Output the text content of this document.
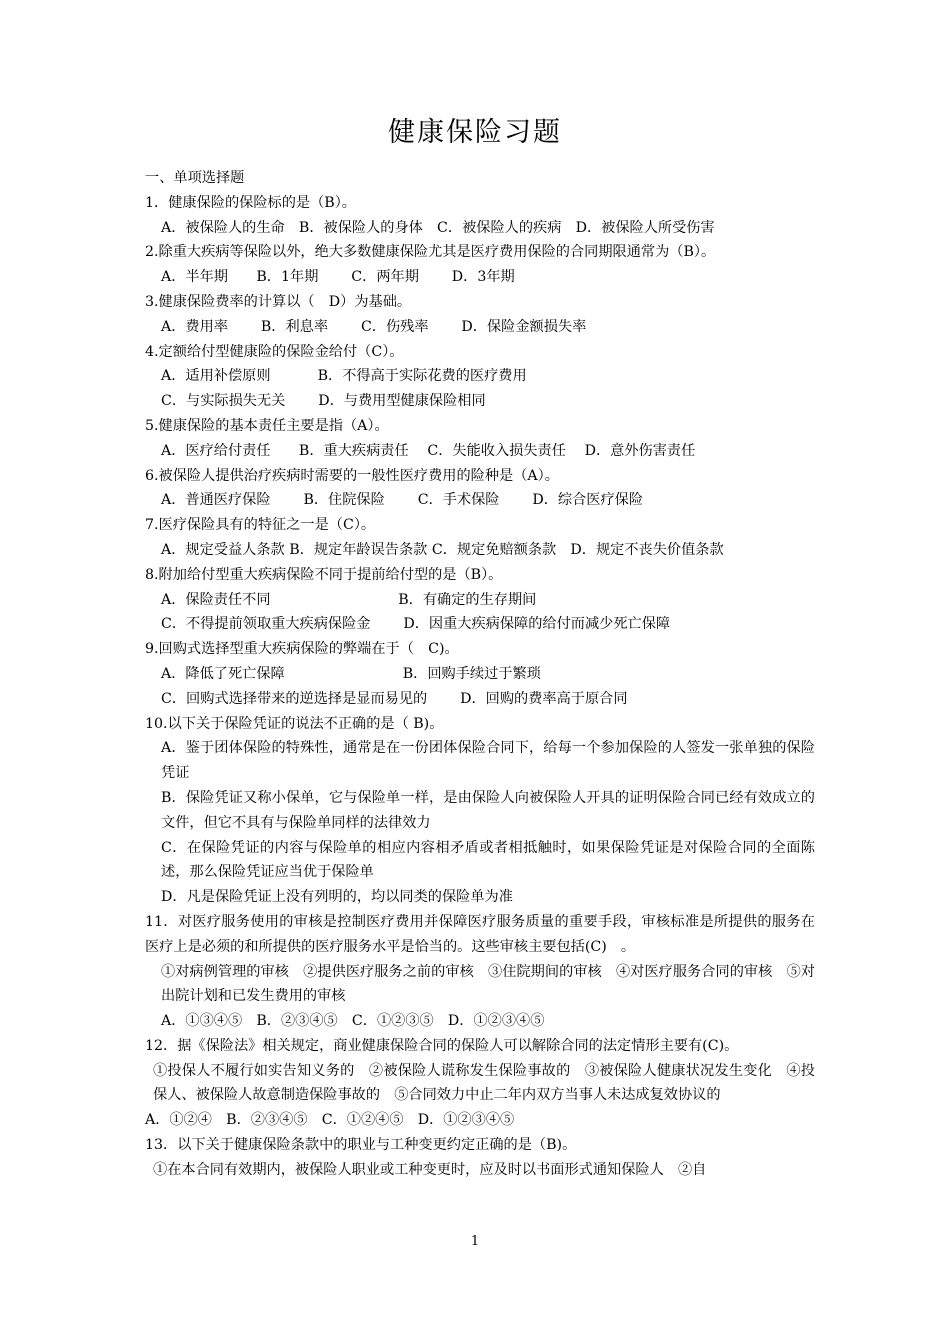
健康保险习题
一、单项选择题
1．健康保险的保险标的是（B）。
A．被保险人的生命　B．被保险人的身体　C．被保险人的疾病　D．被保险人所受伤害
2.除重大疾病等保险以外，绝大多数健康保险尤其是医疗费用保险的合同期限通常为（B）。
A．半年期　　B．1年期　　 C．两年期　　 D．3年期
3.健康保险费率的计算以（　D）为基础。
A．费用率　　 B．利息率　　 C．伤残率　　 D．保险金额损失率
4.定额给付型健康险的保险金给付（C）。
A．适用补偿原则　　　 B．不得高于实际花费的医疗费用
C．与实际损失无关　　 D．与费用型健康保险相同
5.健康保险的基本责任主要是指（A）。
A．医疗给付责任　　B．重大疾病责任　 C．失能收入损失责任　 D．意外伤害责任
6.被保险人提供治疗疾病时需要的一般性医疗费用的险种是（A）。
A．普通医疗保险　　 B．住院保险　　 C．手术保险　　 D．综合医疗保险
7.医疗保险具有的特征之一是（C）。
A．规定受益人条款 B．规定年龄误告条款 C．规定免赔额条款　D．规定不丧失价值条款
8.附加给付型重大疾病保险不同于提前给付型的是（B）。
A．保险责任不同　　　　　　　　　B．有确定的生存期间
C．不得提前领取重大疾病保险金　　 D．因重大疾病保障的给付而减少死亡保障
9.回购式选择型重大疾病保险的弊端在于（　C)。
A．降低了死亡保障　　　　　　　　 B．回购手续过于繁琐
C．回购式选择带来的逆选择是显而易见的　　 D．回购的费率高于原合同
10.以下关于保险凭证的说法不正确的是（ B)。
A．鉴于团体保险的特殊性，通常是在一份团体保险合同下，给每一个参加保险的人签发一张单独的保险凭证
B．保险凭证又称小保单，它与保险单一样，是由保险人向被保险人开具的证明保险合同已经有效成立的文件，但它不具有与保险单同样的法律效力
C．在保险凭证的内容与保险单的相应内容相矛盾或者相抵触时，如果保险凭证是对保险合同的全面陈述，那么保险凭证应当优于保险单
D．凡是保险凭证上没有列明的，均以同类的保险单为准
11．对医疗服务使用的审核是控制医疗费用并保障医疗服务质量的重要手段，审核标准是所提供的服务在医疗上是必须的和所提供的医疗服务水平是恰当的。这些审核主要包括(C)　。
①对病例管理的审核　②提供医疗服务之前的审核　③住院期间的审核　④对医疗服务合同的审核　⑤对出院计划和已发生费用的审核
A．①③④⑤　B．②③④⑤　C．①②③⑤　D．①②③④⑤
12．据《保险法》相关规定，商业健康保险合同的保险人可以解除合同的法定情形主要有(C)。
①投保人不履行如实告知义务的　②被保险人谎称发生保险事故的　③被保险人健康状况发生变化　④投保人、被保险人故意制造保险事故的　⑤合同效力中止二年内双方当事人未达成复效协议的
A．①②④　B．②③④⑤　C．①②④⑤　D．①②③④⑤
13．以下关于健康保险条款中的职业与工种变更约定正确的是（B)。
①在本合同有效期内，被保险人职业或工种变更时，应及时以书面形式通知保险人　②自
1
